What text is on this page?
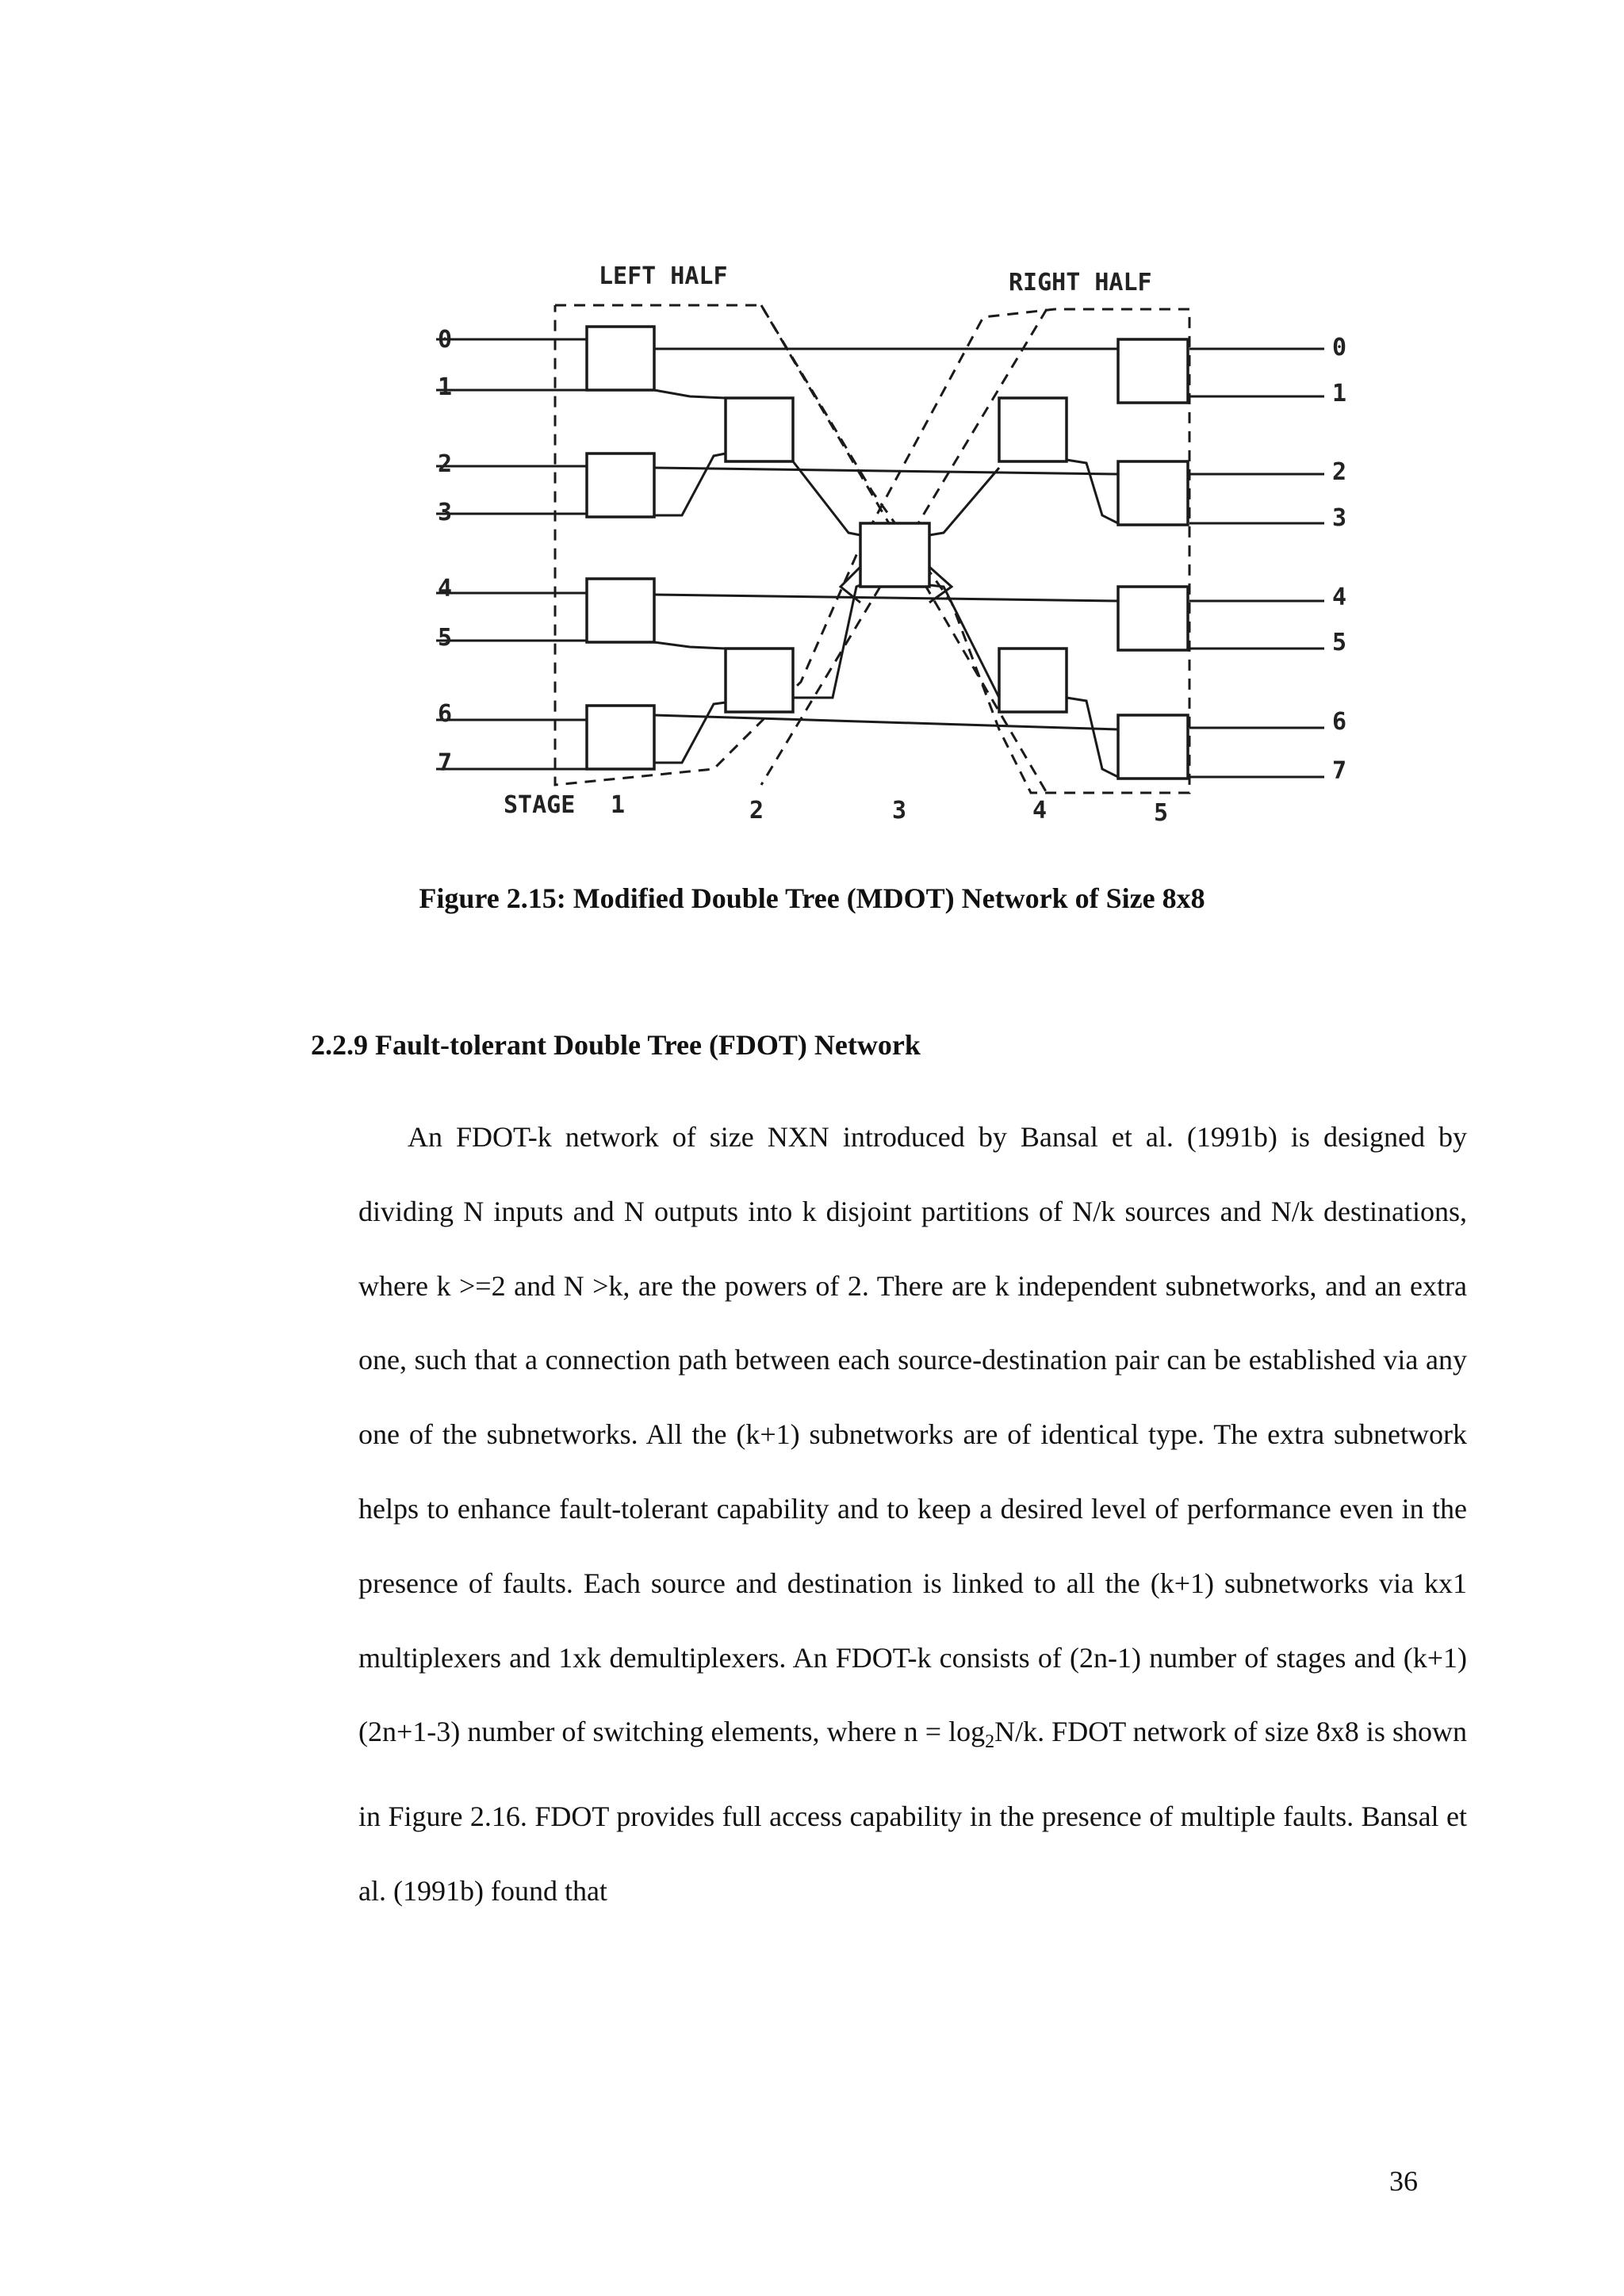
LEFT HALF	RIGHT HALF
STAGE 1	2	3	4	5
0
1
2
3
4
5
6
7
0
1
2
3
4
5
6
7
Figure 2.15: Modified Double Tree (MDOT) Network of Size 8x8
2.2.9 Fault-tolerant Double Tree (FDOT) Network

An FDOT-k network of size NXN introduced by Bansal et al. (1991b) is designed by dividing N inputs and N outputs into k disjoint partitions of N/k sources and N/k destinations, where k >=2 and N >k, are the powers of 2. There are k independent subnetworks, and an extra one, such that a connection path between each source-destination pair can be established via any one of the subnetworks. All the (k+1) subnetworks are of identical type. The extra subnetwork helps to enhance fault-tolerant capability and to keep a desired level of performance even in the presence of faults. Each source and destination is linked to all the (k+1) subnetworks via kx1 multiplexers and 1xk demultiplexers. An FDOT-k consists of (2n-1) number of stages and (k+1) (2n+1-3) number of switching elements, where $n = \log_2N/k$. FDOT network of size 8x8 is shown in Figure 2.16. FDOT provides full access capability in the presence of multiple faults. Bansal et al. (1991b) found that

36
